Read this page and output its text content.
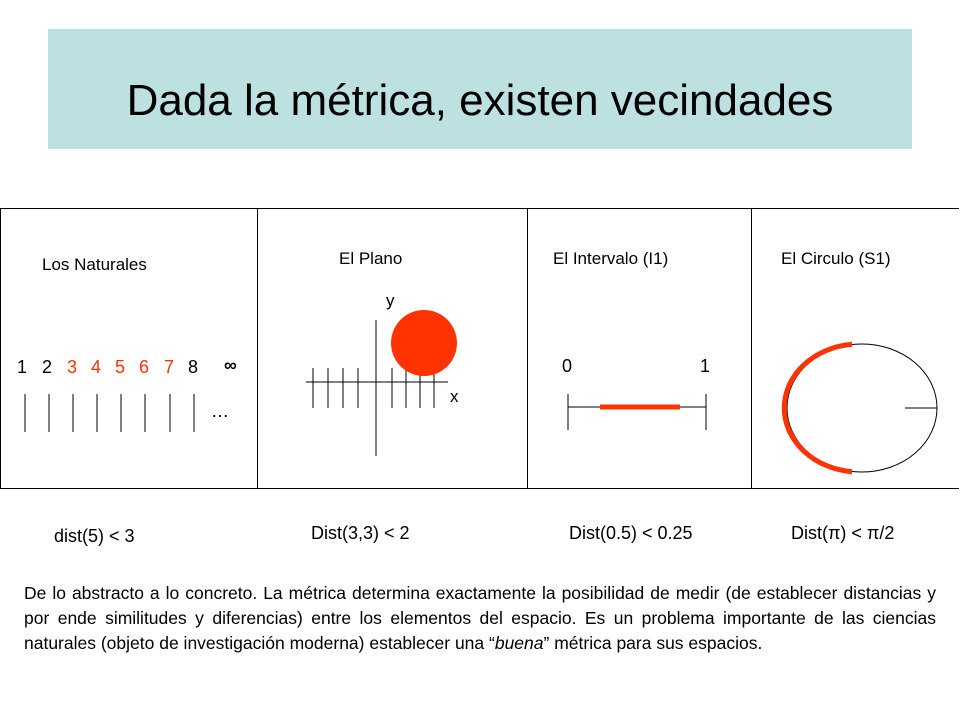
Dada la métrica, existen vecindades
Los Naturales
1 2 3 4 5 6 7 8 ∞
…
dist(5) < 3
El Plano
y
x
Dist(3,3) < 2
El Intervalo (I1)
0	1
Dist(0.5) < 0.25
El Circulo (S1)
Dist(π) < π/2

De lo abstracto a lo concreto. La métrica determina exactamente la posibilidad de medir (de establecer distancias y por ende similitudes y diferencias) entre los elementos del espacio. Es un problema importante de las ciencias naturales (objeto de investigación moderna) establecer una “buena” métrica para sus espacios.
